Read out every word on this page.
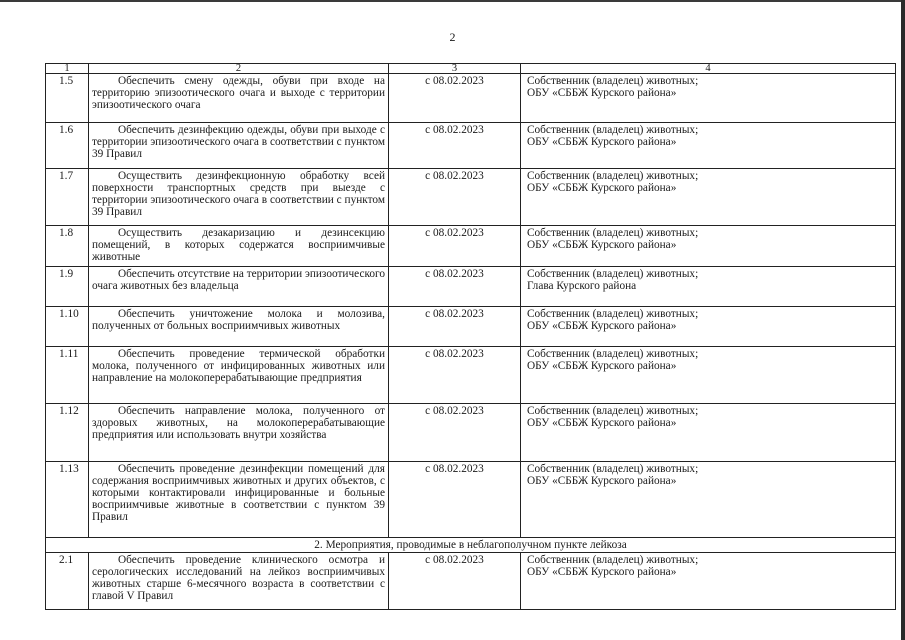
2
1	2	3	4
1.5	Обеспечить смену одежды, обуви при входе на территорию эпизоотического очага и выходе с территории эпизоотического очага	с 08.02.2023	Собственник (владелец) животных;
ОБУ «СББЖ Курского района»

1.6	Обеспечить дезинфекцию одежды, обуви при выходе с территории эпизоотического очага в соответствии с пунктом 39 Правил	с 08.02.2023	Собственник (владелец) животных;
ОБУ «СББЖ Курского района»

1.7	Осуществить дезинфекционную обработку всей поверхности транспортных средств при выезде с территории эпизоотического очага в соответствии с пунктом 39 Правил	с 08.02.2023	Собственник (владелец) животных;
ОБУ «СББЖ Курского района»

1.8	Осуществить дезакаризацию и дезинсекцию помещений, в которых содержатся восприимчивые животные	с 08.02.2023	Собственник (владелец) животных;
ОБУ «СББЖ Курского района»

1.9	Обеспечить отсутствие на территории эпизоотического очага животных без владельца	с 08.02.2023	Собственник (владелец) животных;
Глава Курского района

1.10	Обеспечить уничтожение молока и молозива, полученных от больных восприимчивых животных	с 08.02.2023	Собственник (владелец) животных;
ОБУ «СББЖ Курского района»

1.11	Обеспечить проведение термической обработки молока, полученного от инфицированных животных или направление на молокоперерабатывающие предприятия	с 08.02.2023	Собственник (владелец) животных;
ОБУ «СББЖ Курского района»

1.12	Обеспечить направление молока, полученного от здоровых животных, на молокоперерабатывающие предприятия или использовать внутри хозяйства	с 08.02.2023	Собственник (владелец) животных;
ОБУ «СББЖ Курского района»

1.13	Обеспечить проведение дезинфекции помещений для содержания восприимчивых животных и других объектов, с которыми контактировали инфицированные и больные восприимчивые животные в соответствии с пунктом 39 Правил	с 08.02.2023	Собственник (владелец) животных;
ОБУ «СББЖ Курского района»

2. Мероприятия, проводимые в неблагополучном пункте лейкоза			
2.1	Обеспечить проведение клинического осмотра и серологических исследований на лейкоз восприимчивых животных старше 6-месячного возраста в соответствии с главой V Правил	с 08.02.2023	Собственник (владелец) животных;
ОБУ «СББЖ Курского района»
